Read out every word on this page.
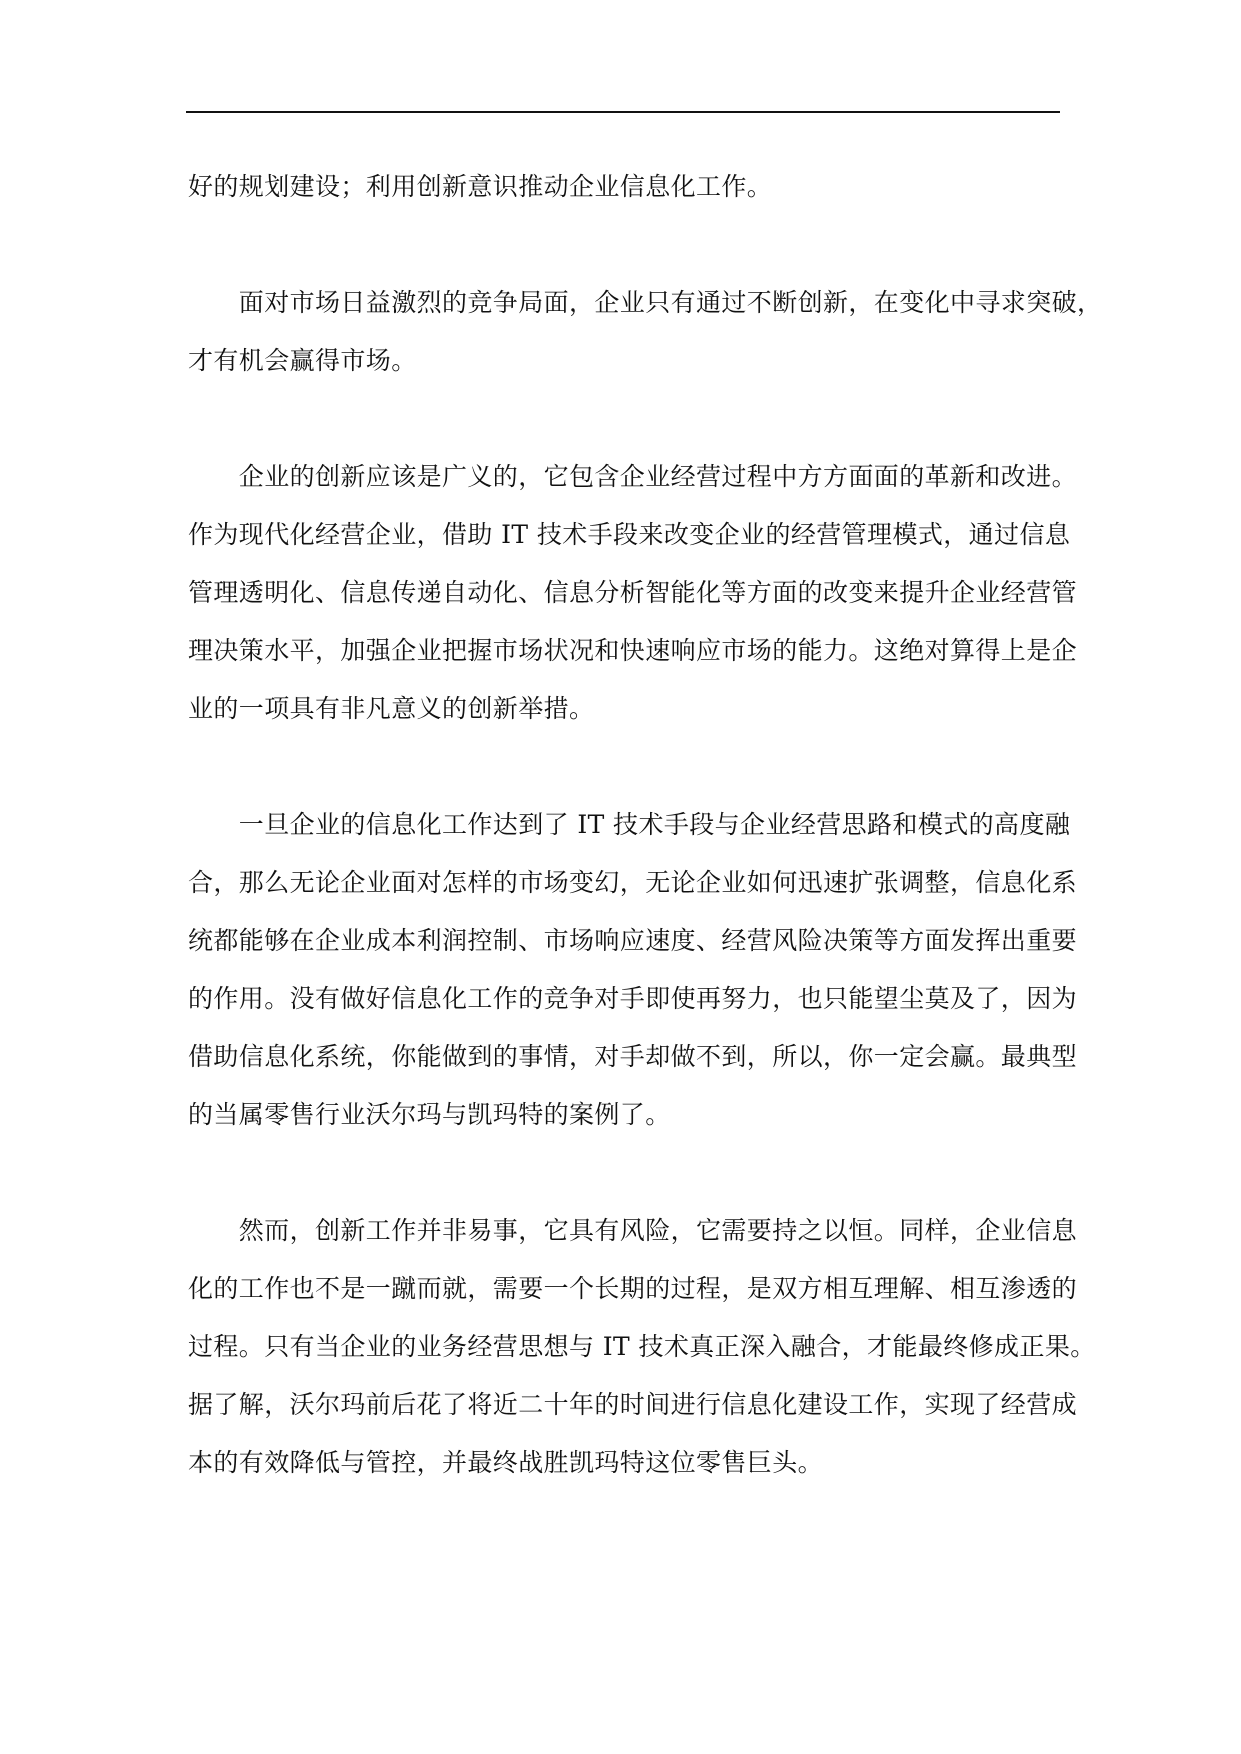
好的规划建设；利用创新意识推动企业信息化工作。
　　面对市场日益激烈的竞争局面，企业只有通过不断创新，在变化中寻求突破，
才有机会赢得市场。
　　企业的创新应该是广义的，它包含企业经营过程中方方面面的革新和改进。
作为现代化经营企业，借助 IT 技术手段来改变企业的经营管理模式，通过信息
管理透明化、信息传递自动化、信息分析智能化等方面的改变来提升企业经营管
理决策水平，加强企业把握市场状况和快速响应市场的能力。这绝对算得上是企
业的一项具有非凡意义的创新举措。
　　一旦企业的信息化工作达到了 IT 技术手段与企业经营思路和模式的高度融
合，那么无论企业面对怎样的市场变幻，无论企业如何迅速扩张调整，信息化系
统都能够在企业成本利润控制、市场响应速度、经营风险决策等方面发挥出重要
的作用。没有做好信息化工作的竞争对手即使再努力，也只能望尘莫及了，因为
借助信息化系统，你能做到的事情，对手却做不到，所以，你一定会赢。最典型
的当属零售行业沃尔玛与凯玛特的案例了。
　　然而，创新工作并非易事，它具有风险，它需要持之以恒。同样，企业信息
化的工作也不是一蹴而就，需要一个长期的过程，是双方相互理解、相互渗透的
过程。只有当企业的业务经营思想与 IT 技术真正深入融合，才能最终修成正果。
据了解，沃尔玛前后花了将近二十年的时间进行信息化建设工作，实现了经营成
本的有效降低与管控，并最终战胜凯玛特这位零售巨头。
